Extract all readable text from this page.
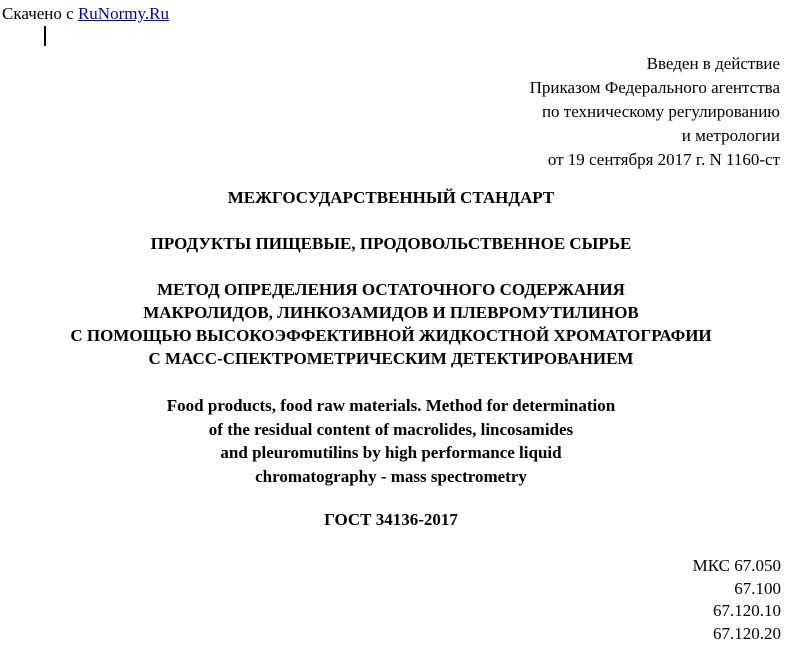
Скачено с RuNormy.Ru
Введен в действие
Приказом Федерального агентства
по техническому регулированию
и метрологии
от 19 сентября 2017 г. N 1160-ст
МЕЖГОСУДАРСТВЕННЫЙ СТАНДАРТ
ПРОДУКТЫ ПИЩЕВЫЕ, ПРОДОВОЛЬСТВЕННОЕ СЫРЬЕ
МЕТОД ОПРЕДЕЛЕНИЯ ОСТАТОЧНОГО СОДЕРЖАНИЯ
МАКРОЛИДОВ, ЛИНКОЗАМИДОВ И ПЛЕВРОМУТИЛИНОВ
С ПОМОЩЬЮ ВЫСОКОЭФФЕКТИВНОЙ ЖИДКОСТНОЙ ХРОМАТОГРАФИИ
С МАСС-СПЕКТРОМЕТРИЧЕСКИМ ДЕТЕКТИРОВАНИЕМ
Food products, food raw materials. Method for determination
of the residual content of macrolides, lincosamides
and pleuromutilins by high performance liquid
chromatography - mass spectrometry
ГОСТ 34136-2017
МКС 67.050
67.100
67.120.10
67.120.20
